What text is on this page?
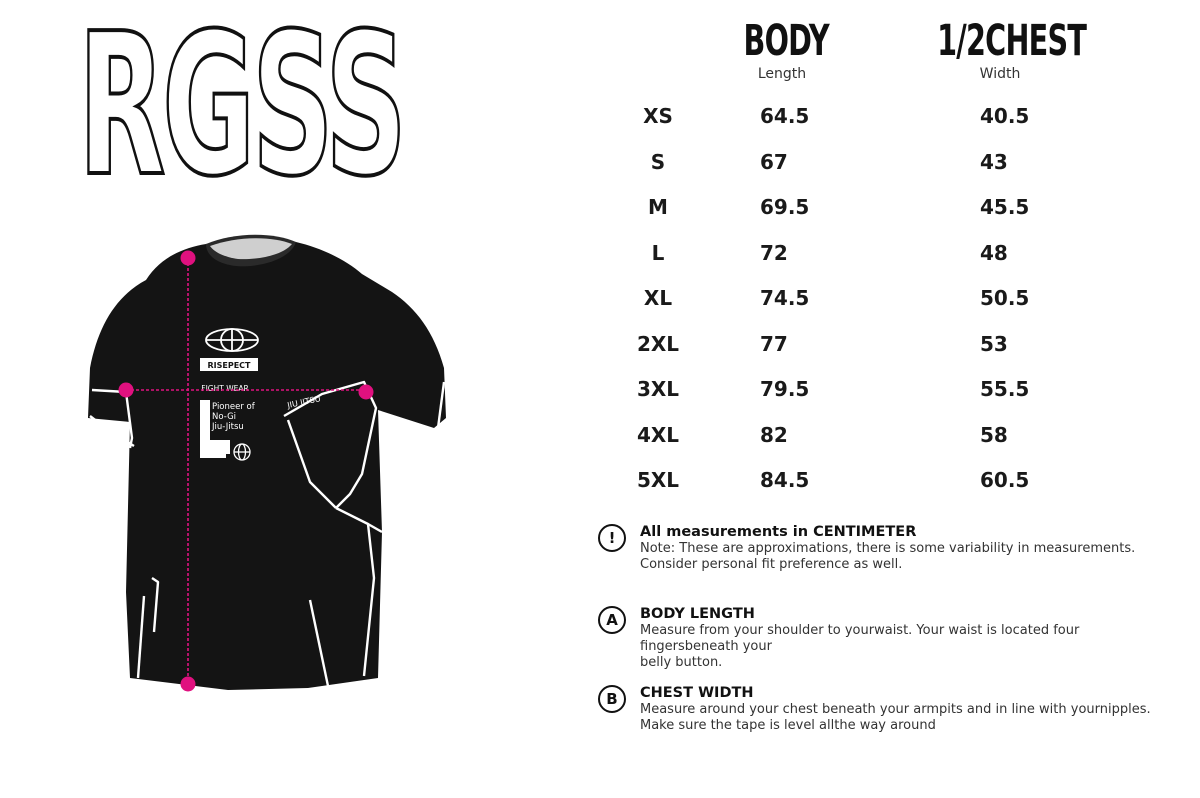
RGSS
RISEPECT
FIGHT WEAR
Pioneer of
No-Gi
Jiu-Jitsu
JIU JITSU
BODY
Length
1/2CHEST
Width
XS	64.5	40.5
S	67	43
M	69.5	45.5
L	72	48
XL	74.5	50.5
2XL	77	53
3XL	79.5	55.5
4XL	82	58
5XL	84.5	60.5
!	All measurements in CENTIMETER
Note: These are approximations, there is some variability in measurements.
Consider personal fit preference as well.
A	BODY LENGTH
Measure from your shoulder to yourwaist. Your waist is located four fingersbeneath your
belly button.
B	CHEST WIDTH
Measure around your chest beneath your armpits and in line with yournipples.
Make sure the tape is level allthe way around
